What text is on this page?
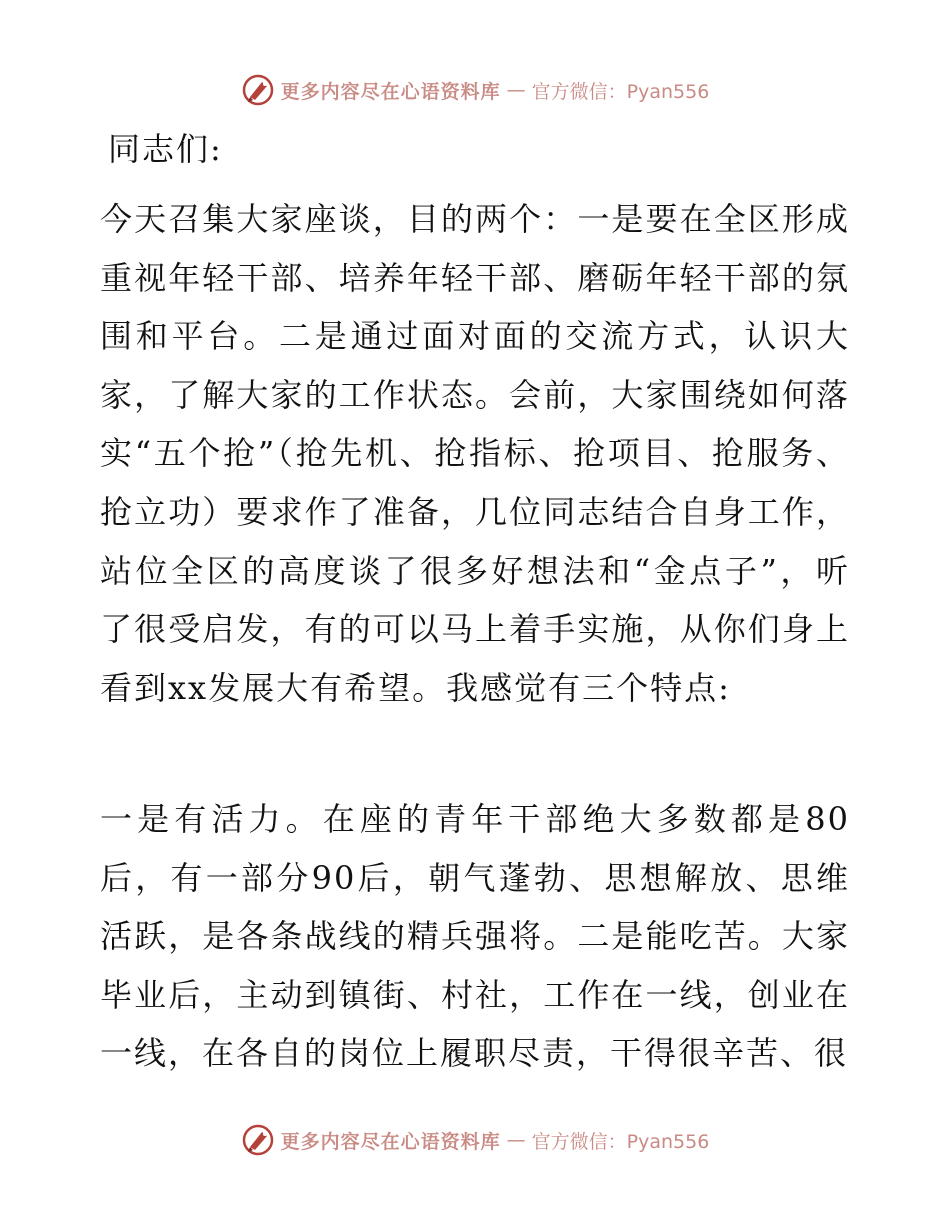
更多内容尽在心语资料库 — 官方微信：Pyan556
同志们:

今天召集大家座谈，目的两个：一是要在全区形成重视年轻干部、培养年轻干部、磨砺年轻干部的氛围和平台。二是通过面对面的交流方式，认识大家，了解大家的工作状态。会前，大家围绕如何落实“五个抢”（抢先机、抢指标、抢项目、抢服务、抢立功）要求作了准备，几位同志结合自身工作，站位全区的高度谈了很多好想法和“金点子”，听了很受启发，有的可以马上着手实施，从你们身上看到xx发展大有希望。我感觉有三个特点:

一是有活力。在座的青年干部绝大多数都是80后，有一部分90后，朝气蓬勃、思想解放、思维活跃，是各条战线的精兵强将。二是能吃苦。大家毕业后，主动到镇街、村社，工作在一线，创业在一线，在各自的岗位上履职尽责，干得很辛苦、很

更多内容尽在心语资料库 — 官方微信：Pyan556
